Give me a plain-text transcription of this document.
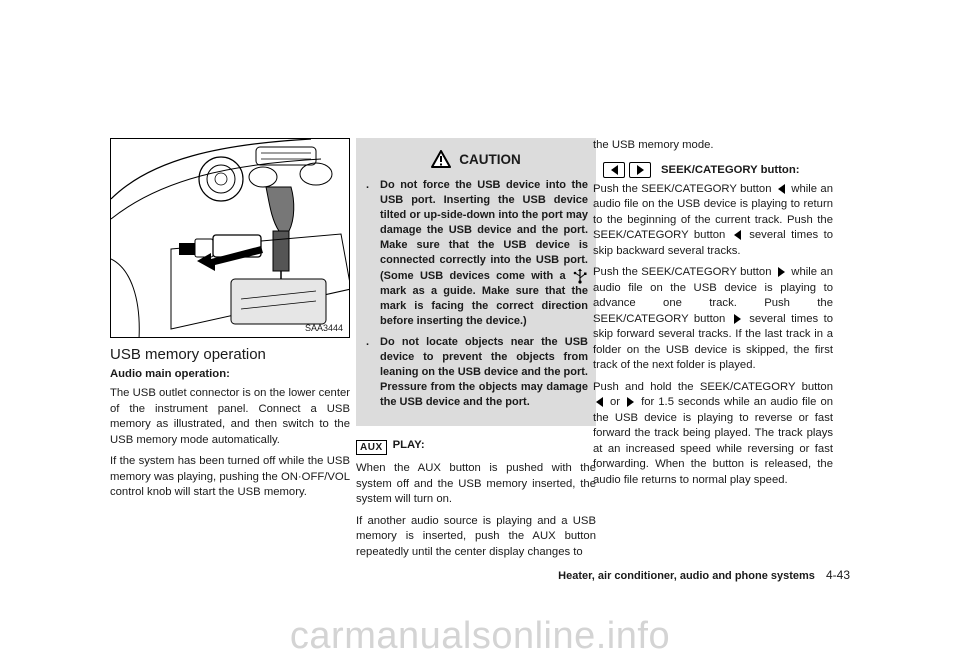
SAA3444
USB memory operation
Audio main operation:

The USB outlet connector is on the lower center of the instrument panel. Connect a USB memory as illustrated, and then switch to the USB memory mode automatically.

If the system has been turned off while the USB memory was playing, pushing the ON·OFF/VOL control knob will start the USB memory.

CAUTION
. Do not force the USB device into the USB port. Inserting the USB device tilted or up-side-down into the port may damage the USB device and the port. Make sure that the USB device is connected correctly into the USB port. (Some USB devices come with a  mark as a guide. Make sure that the mark is facing the correct direction before inserting the device.)
. Do not locate objects near the USB device to prevent the objects from leaning on the USB device and the port. Pressure from the objects may damage the USB device and the port.
AUX PLAY:

When the AUX button is pushed with the system off and the USB memory inserted, the system will turn on.

If another audio source is playing and a USB memory is inserted, push the AUX button repeatedly until the center display changes to

the USB memory mode.

SEEK/CATEGORY button:

Push the SEEK/CATEGORY button while an audio file on the USB device is playing to return to the beginning of the current track. Push the SEEK/CATEGORY button several times to skip backward several tracks.

Push the SEEK/CATEGORY button while an audio file on the USB device is playing to advance one track. Push the SEEK/CATEGORY button several times to skip forward several tracks. If the last track in a folder on the USB device is skipped, the first track of the next folder is played.

Push and hold the SEEK/CATEGORY button  or for 1.5 seconds while an audio file on the USB device is playing to reverse or fast forward the track being played. The track plays at an increased speed while reversing or fast forwarding. When the button is released, the audio file returns to normal play speed.

Heater, air conditioner, audio and phone systems 4-43
carmanualsonline.info
